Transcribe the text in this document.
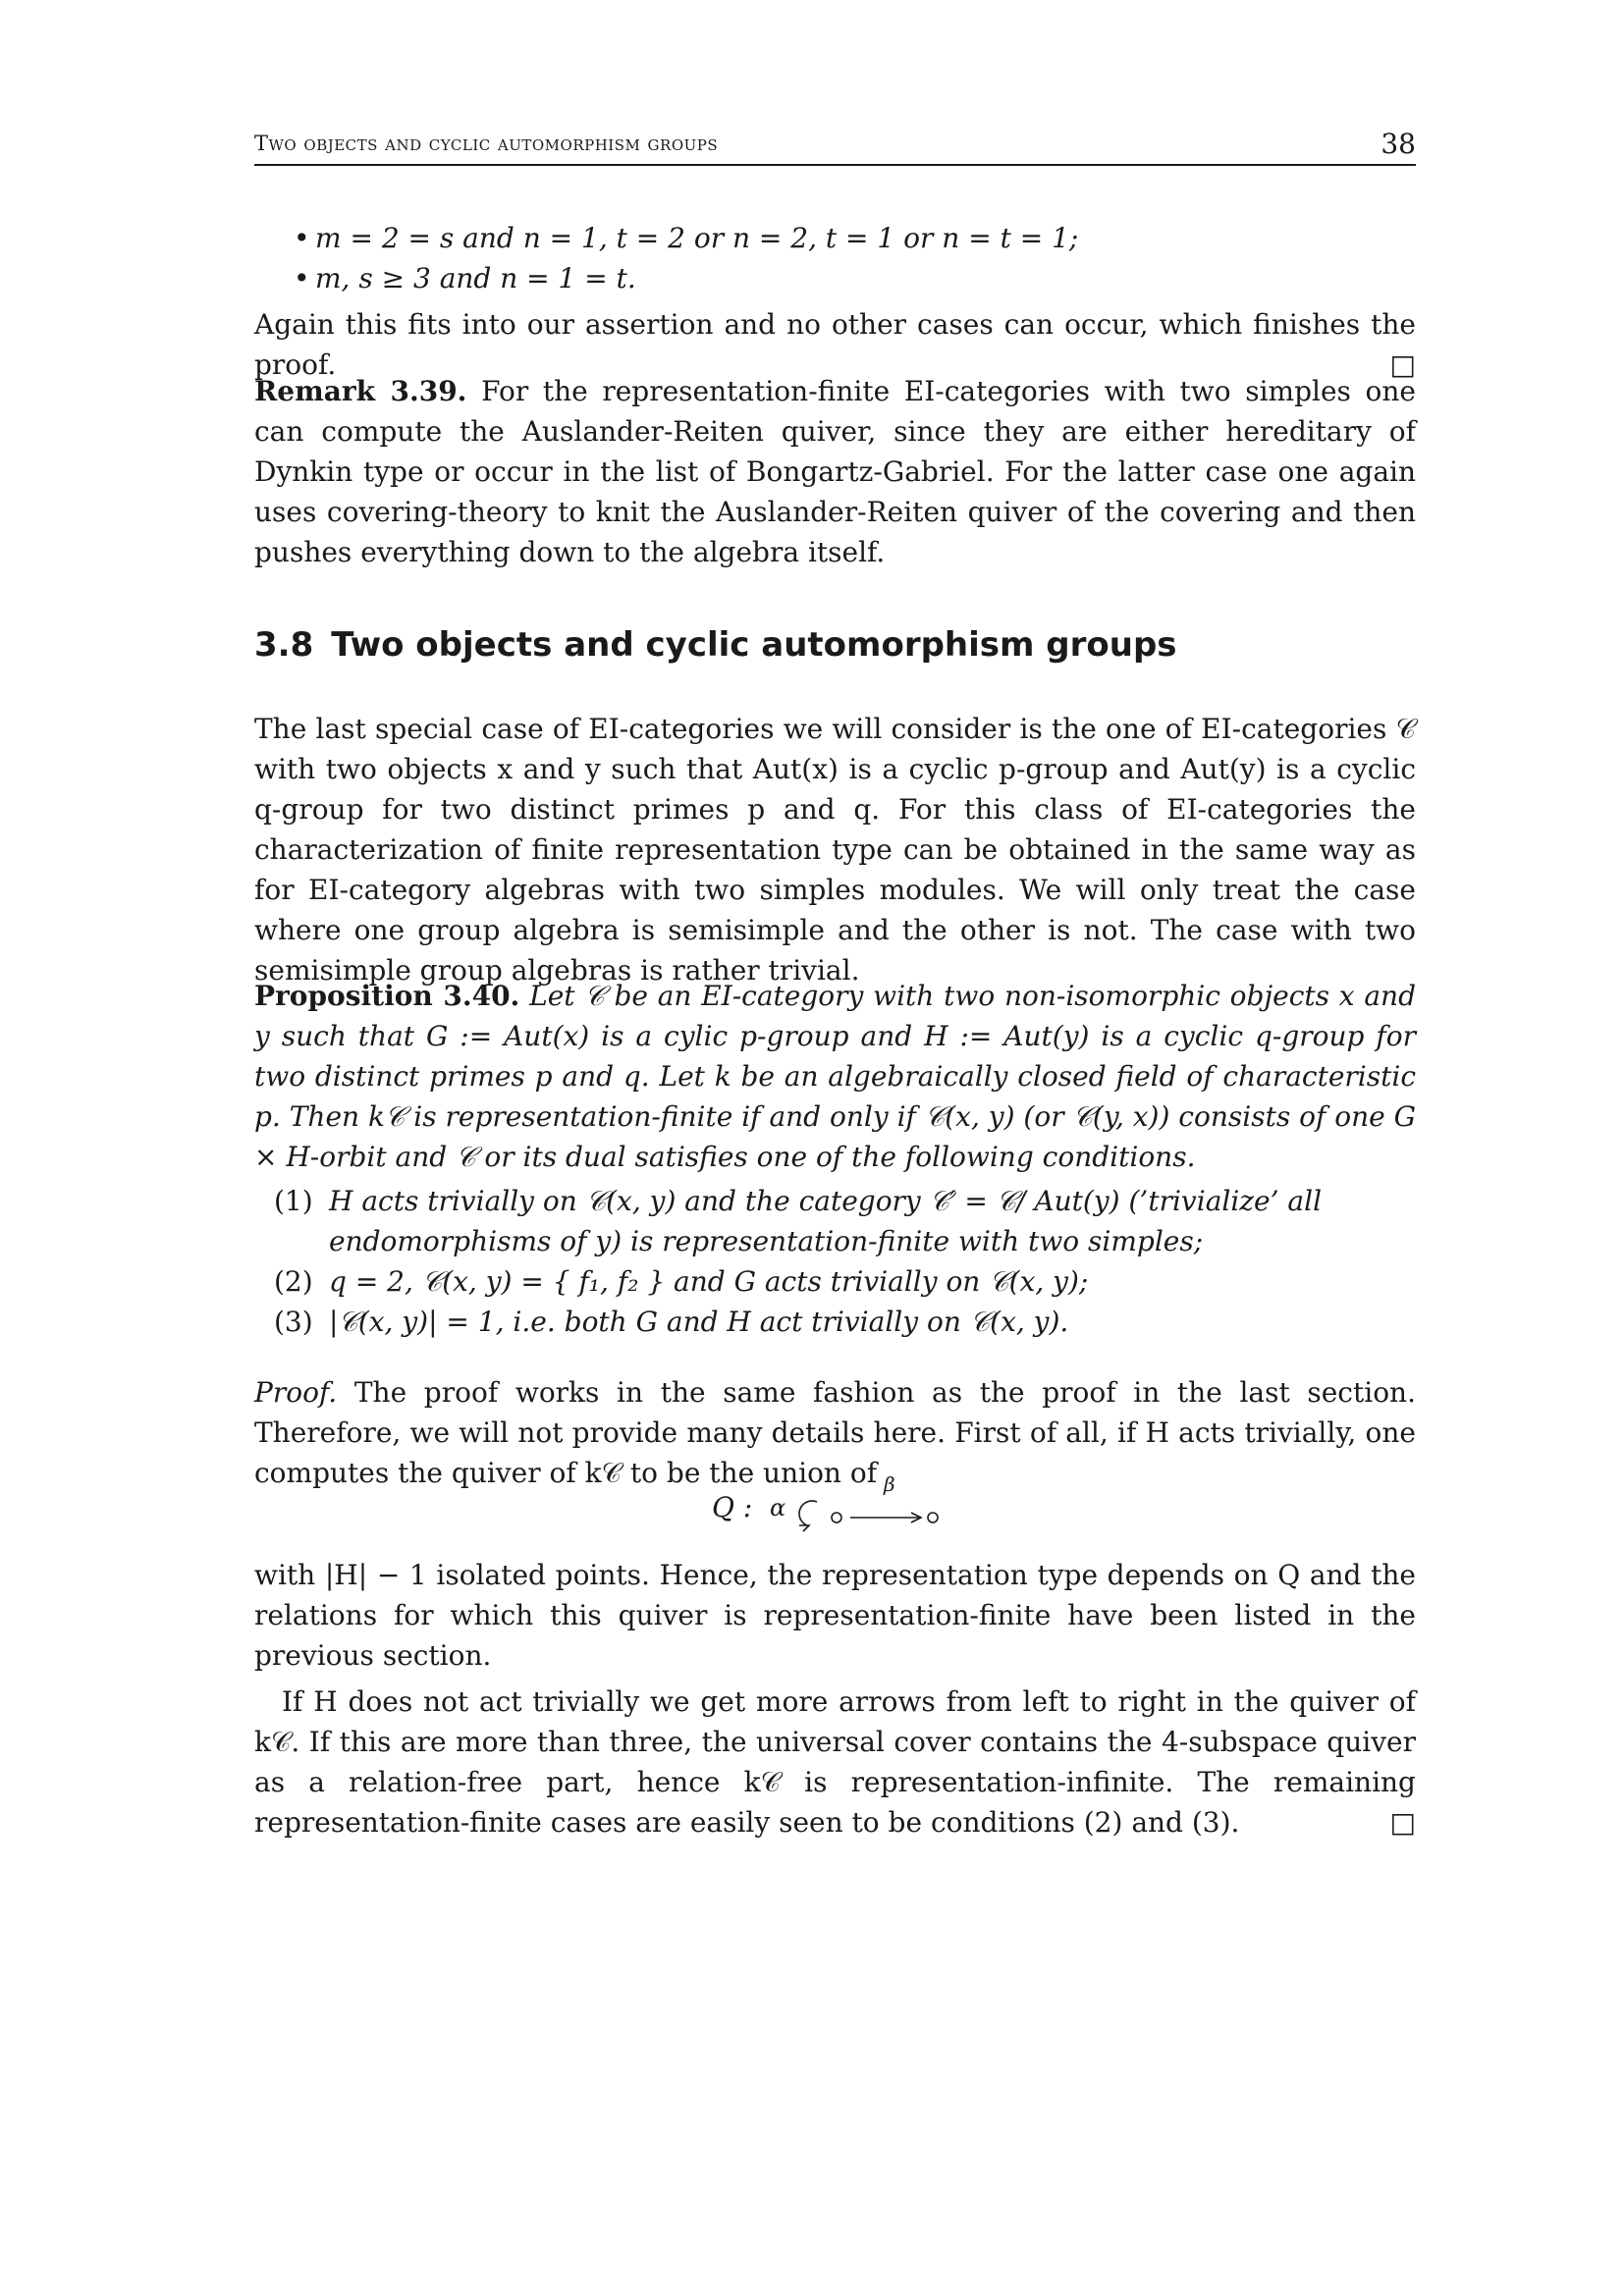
Two objects and cyclic automorphism groups	38
• m = 2 = s and n = 1, t = 2 or n = 2, t = 1 or n = t = 1;
• m, s ≥ 3 and n = 1 = t.

Again this fits into our assertion and no other cases can occur, which finishes the proof.	□

Remark 3.39. For the representation-finite EI-categories with two simples one can compute the Auslander-Reiten quiver, since they are either hereditary of Dynkin type or occur in the list of Bongartz-Gabriel. For the latter case one again uses covering-theory to knit the Auslander-Reiten quiver of the covering and then pushes everything down to the algebra itself.

3.8 Two objects and cyclic automorphism groups

The last special case of EI-categories we will consider is the one of EI-categories 𝒞 with two objects x and y such that Aut(x) is a cyclic p-group and Aut(y) is a cyclic q-group for two distinct primes p and q. For this class of EI-categories the characterization of finite representation type can be obtained in the same way as for EI-category algebras with two simples modules. We will only treat the case where one group algebra is semisimple and the other is not. The case with two semisimple group algebras is rather trivial.

Proposition 3.40. Let 𝒞 be an EI-category with two non-isomorphic objects x and y such that G := Aut(x) is a cylic p-group and H := Aut(y) is a cyclic q-group for two distinct primes p and q. Let k be an algebraically closed field of characteristic p. Then k𝒞 is representation-finite if and only if 𝒞(x, y) (or 𝒞(y, x)) consists of one G × H-orbit and 𝒞 or its dual satisfies one of the following conditions.

(1) H acts trivially on 𝒞(x, y) and the category 𝒞′ = 𝒞/ Aut(y) (’trivialize’ all endomorphisms of y) is representation-finite with two simples;
(2) q = 2, 𝒞(x, y) = { f₁, f₂ } and G acts trivially on 𝒞(x, y);
(3) |𝒞(x, y)| = 1, i.e. both G and H act trivially on 𝒞(x, y).

Proof. The proof works in the same fashion as the proof in the last section. Therefore, we will not provide many details here. First of all, if H acts trivially, one computes the quiver of k𝒞 to be the union of

Q : α
β

with |H| − 1 isolated points. Hence, the representation type depends on Q and the relations for which this quiver is representation-finite have been listed in the previous section.

If H does not act trivially we get more arrows from left to right in the quiver of k𝒞. If this are more than three, the universal cover contains the 4-subspace quiver as a relation-free part, hence k𝒞 is representation-infinite. The remaining representation-finite cases are easily seen to be conditions (2) and (3).	□
